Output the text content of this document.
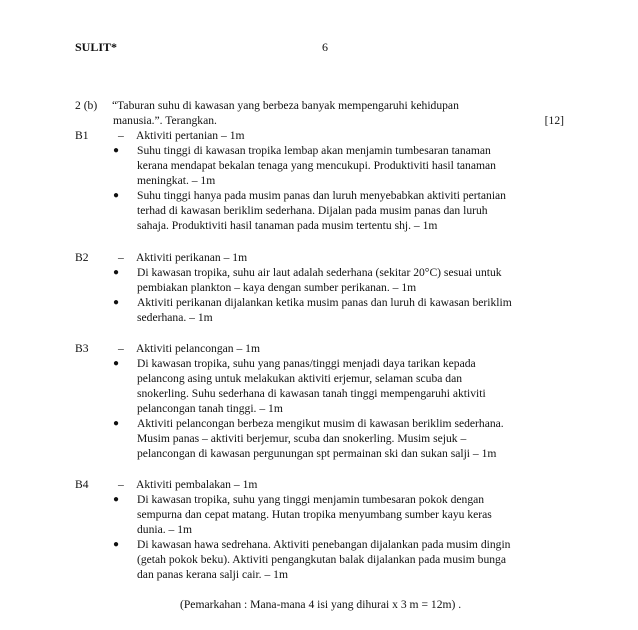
SULIT*	6
2 (b) “Taburan suhu di kawasan yang berbeza banyak mempengaruhi kehidupan
manusia.”. Terangkan.	[12]
B1	– Aktiviti pertanian – 1m
● Suhu tinggi di kawasan tropika lembap akan menjamin tumbesaran tanaman
kerana mendapat bekalan tenaga yang mencukupi. Produktiviti hasil tanaman
meningkat. – 1m
● Suhu tinggi hanya pada musim panas dan luruh menyebabkan aktiviti pertanian
terhad di kawasan beriklim sederhana. Dijalan pada musim panas dan luruh
sahaja. Produktiviti hasil tanaman pada musim tertentu shj. – 1m
B2	– Aktiviti perikanan – 1m
● Di kawasan tropika, suhu air laut adalah sederhana (sekitar 20°C) sesuai untuk
pembiakan plankton – kaya dengan sumber perikanan. – 1m
● Aktiviti perikanan dijalankan ketika musim panas dan luruh di kawasan beriklim
sederhana. – 1m
B3	– Aktiviti pelancongan – 1m
● Di kawasan tropika, suhu yang panas/tinggi menjadi daya tarikan kepada
pelancong asing untuk melakukan aktiviti erjemur, selaman scuba dan
snokerling. Suhu sederhana di kawasan tanah tinggi mempengaruhi aktiviti
pelancongan tanah tinggi. – 1m
● Aktiviti pelancongan berbeza mengikut musim di kawasan beriklim sederhana.
Musim panas – aktiviti berjemur, scuba dan snokerling. Musim sejuk –
pelancongan di kawasan pergunungan spt permainan ski dan sukan salji – 1m
B4	– Aktiviti pembalakan – 1m
● Di kawasan tropika, suhu yang tinggi menjamin tumbesaran pokok dengan
sempurna dan cepat matang. Hutan tropika menyumbang sumber kayu keras
dunia. – 1m
● Di kawasan hawa sedrehana. Aktiviti penebangan dijalankan pada musim dingin
(getah pokok beku). Aktiviti pengangkutan balak dijalankan pada musim bunga
dan panas kerana salji cair. – 1m
(Pemarkahan : Mana-mana 4 isi yang dihurai x 3 m = 12m) .
